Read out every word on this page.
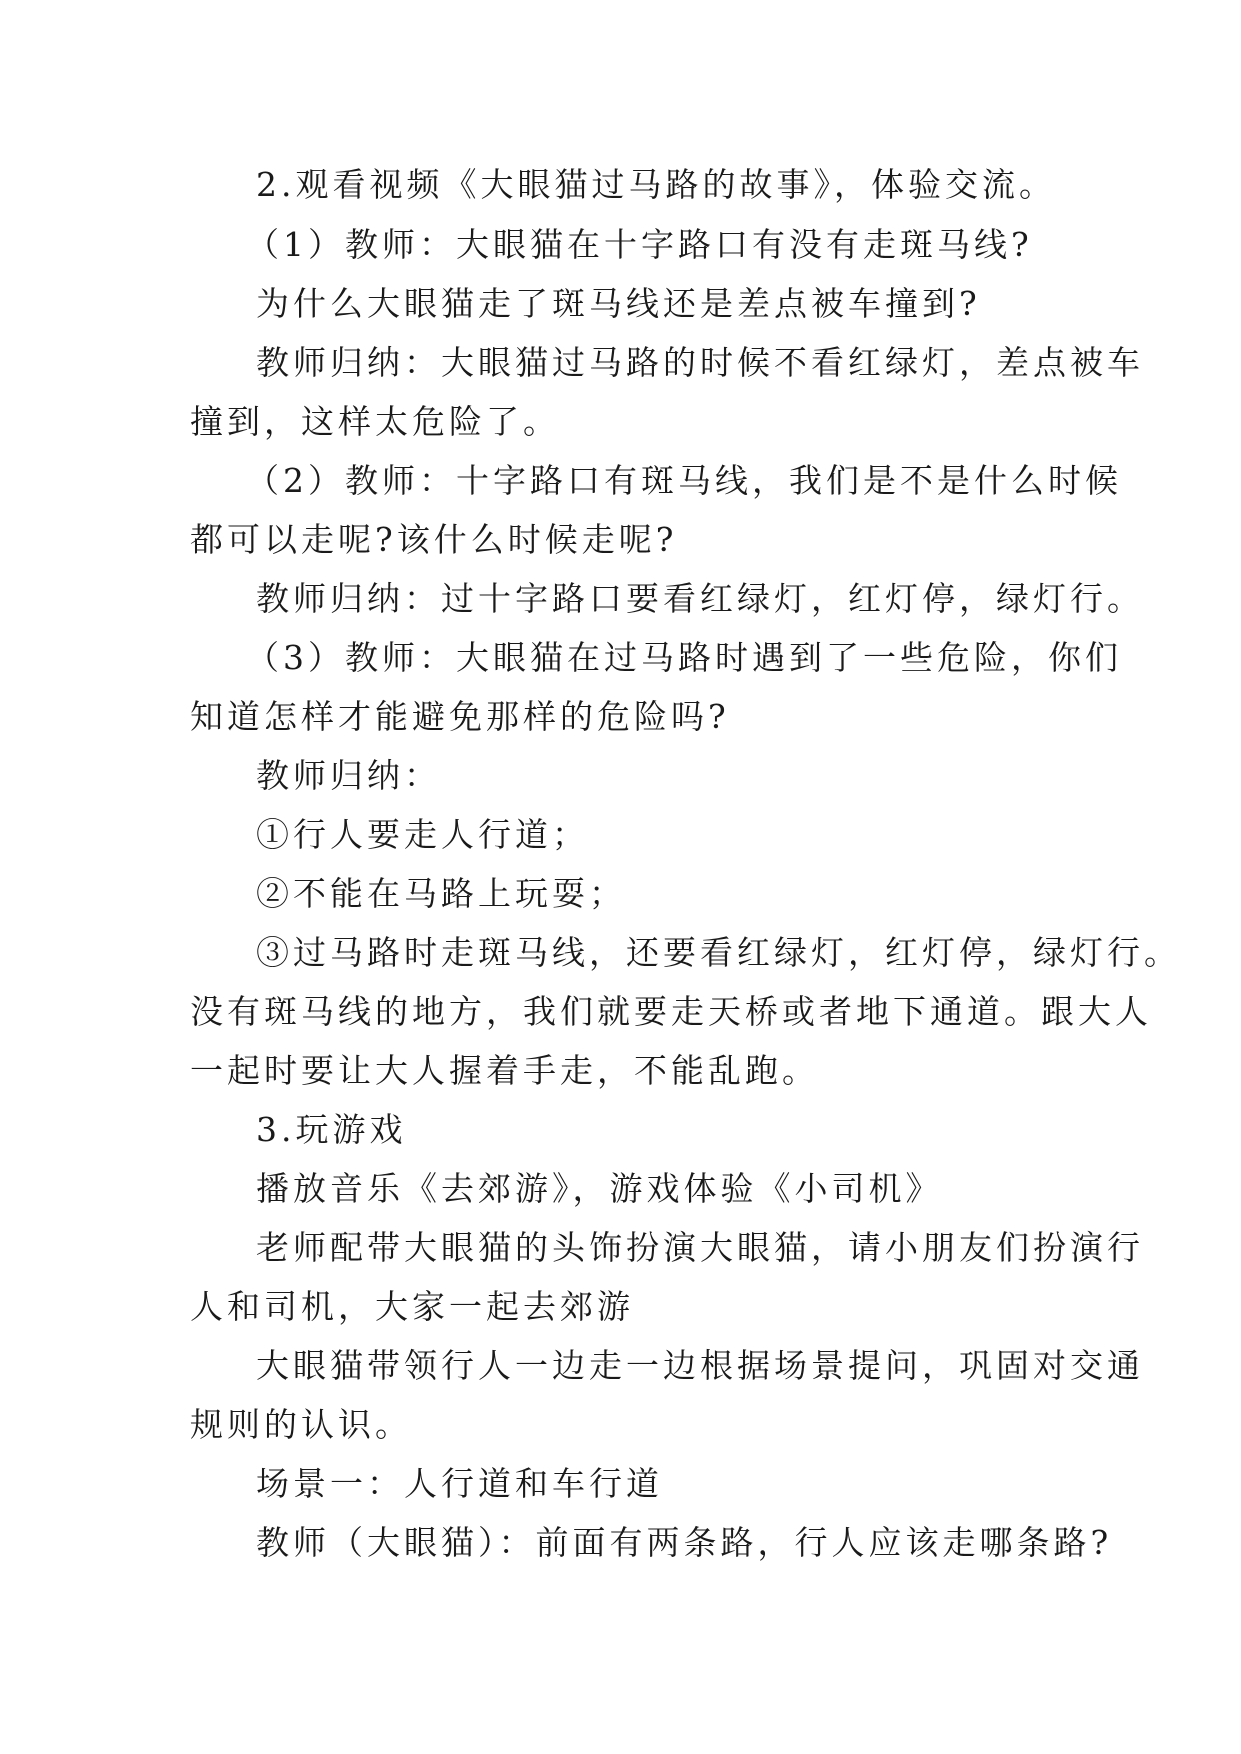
2.观看视频《大眼猫过马路的故事》，体验交流。
（1）教师：大眼猫在十字路口有没有走斑马线?
为什么大眼猫走了斑马线还是差点被车撞到?
教师归纳：大眼猫过马路的时候不看红绿灯，差点被车
撞到，这样太危险了。
（2）教师：十字路口有斑马线，我们是不是什么时候
都可以走呢?该什么时候走呢?
教师归纳：过十字路口要看红绿灯，红灯停，绿灯行。
（3）教师：大眼猫在过马路时遇到了一些危险，你们
知道怎样才能避免那样的危险吗?
教师归纳：
①行人要走人行道；
②不能在马路上玩耍；
③过马路时走斑马线，还要看红绿灯，红灯停，绿灯行。
没有斑马线的地方，我们就要走天桥或者地下通道。跟大人
一起时要让大人握着手走，不能乱跑。
3.玩游戏
播放音乐《去郊游》，游戏体验《小司机》
老师配带大眼猫的头饰扮演大眼猫，请小朋友们扮演行
人和司机，大家一起去郊游
大眼猫带领行人一边走一边根据场景提问，巩固对交通
规则的认识。
场景一：人行道和车行道
教师（大眼猫）：前面有两条路，行人应该走哪条路?
